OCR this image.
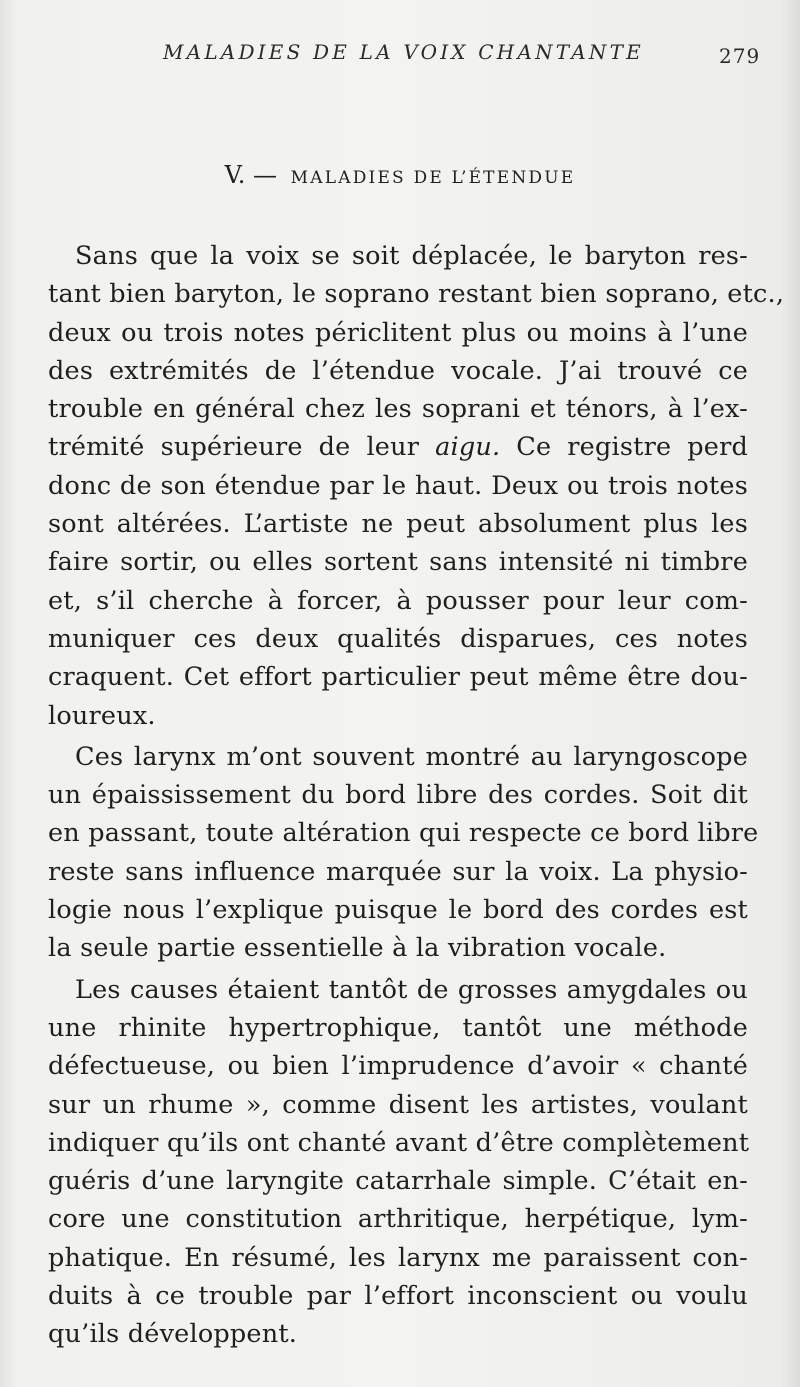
MALADIES DE LA VOIX CHANTANTE	279
V. — MALADIES DE L’ÉTENDUE
Sans que la voix se soit déplacée, le baryton res-
tant bien baryton, le soprano restant bien soprano, etc.,
deux ou trois notes périclitent plus ou moins à l’une
des extrémités de l’étendue vocale. J’ai trouvé ce
trouble en général chez les soprani et ténors, à l’ex-
trémité supérieure de leur aigu. Ce registre perd
donc de son étendue par le haut. Deux ou trois notes
sont altérées. L’artiste ne peut absolument plus les
faire sortir, ou elles sortent sans intensité ni timbre
et, s’il cherche à forcer, à pousser pour leur com-
muniquer ces deux qualités disparues, ces notes
craquent. Cet effort particulier peut même être dou-
loureux.
Ces larynx m’ont souvent montré au laryngoscope
un épaississement du bord libre des cordes. Soit dit
en passant, toute altération qui respecte ce bord libre
reste sans influence marquée sur la voix. La physio-
logie nous l’explique puisque le bord des cordes est
la seule partie essentielle à la vibration vocale.
Les causes étaient tantôt de grosses amygdales ou
une rhinite hypertrophique, tantôt une méthode
défectueuse, ou bien l’imprudence d’avoir « chanté
sur un rhume », comme disent les artistes, voulant
indiquer qu’ils ont chanté avant d’être complètement
guéris d’une laryngite catarrhale simple. C’était en-
core une constitution arthritique, herpétique, lym-
phatique. En résumé, les larynx me paraissent con-
duits à ce trouble par l’effort inconscient ou voulu
qu’ils développent.
